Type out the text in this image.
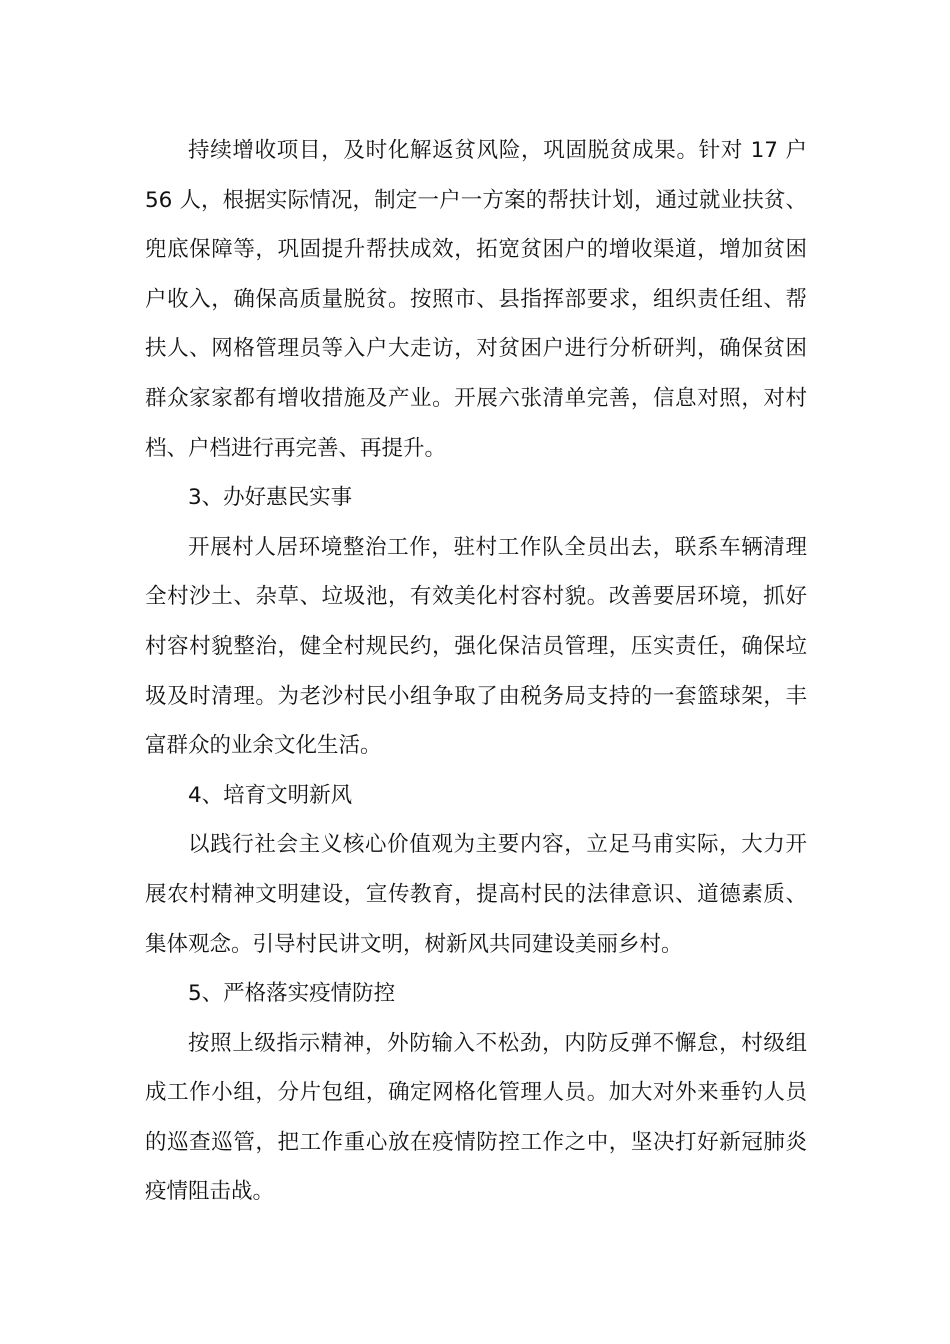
持续增收项目，及时化解返贫风险，巩固脱贫成果。针对 17 户 56 人，根据实际情况，制定一户一方案的帮扶计划，通过就业扶贫、兜底保障等，巩固提升帮扶成效，拓宽贫困户的增收渠道，增加贫困户收入，确保高质量脱贫。按照市、县指挥部要求，组织责任组、帮扶人、网格管理员等入户大走访，对贫困户进行分析研判，确保贫困群众家家都有增收措施及产业。开展六张清单完善，信息对照，对村档、户档进行再完善、再提升。

3、办好惠民实事

开展村人居环境整治工作，驻村工作队全员出去，联系车辆清理全村沙土、杂草、垃圾池，有效美化村容村貌。改善要居环境，抓好村容村貌整治，健全村规民约，强化保洁员管理，压实责任，确保垃圾及时清理。为老沙村民小组争取了由税务局支持的一套篮球架，丰富群众的业余文化生活。

4、培育文明新风

以践行社会主义核心价值观为主要内容，立足马甫实际，大力开展农村精神文明建设，宣传教育，提高村民的法律意识、道德素质、集体观念。引导村民讲文明，树新风共同建设美丽乡村。

5、严格落实疫情防控

按照上级指示精神，外防输入不松劲，内防反弹不懈怠，村级组成工作小组，分片包组，确定网格化管理人员。加大对外来垂钓人员的巡查巡管，把工作重心放在疫情防控工作之中，坚决打好新冠肺炎疫情阻击战。
